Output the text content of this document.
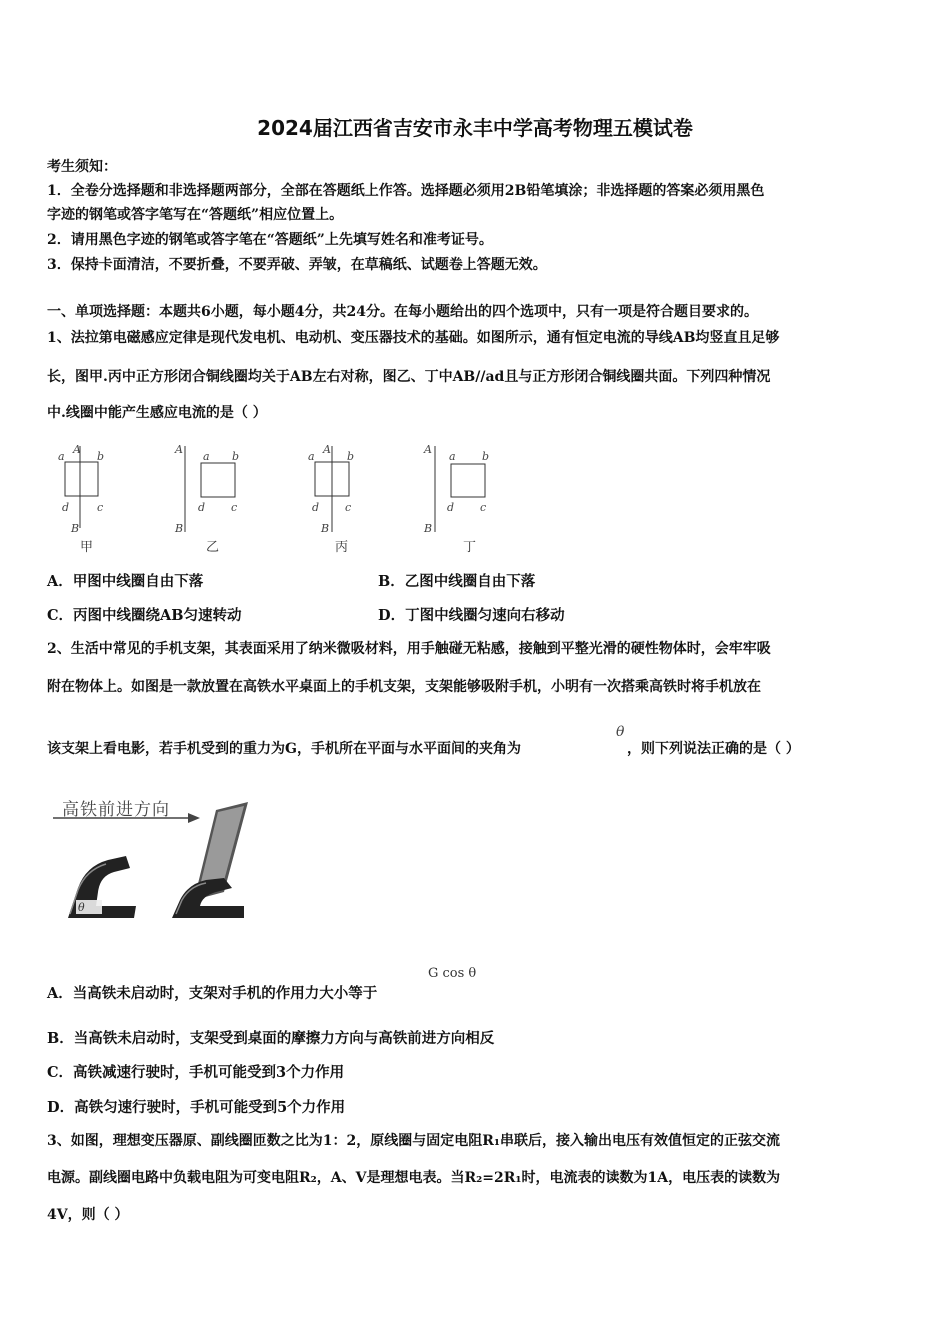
2024届江西省吉安市永丰中学高考物理五模试卷
考生须知：
1．全卷分选择题和非选择题两部分，全部在答题纸上作答。选择题必须用2B铅笔填涂；非选择题的答案必须用黑色
字迹的钢笔或答字笔写在“答题纸”相应位置上。
2．请用黑色字迹的钢笔或答字笔在“答题纸”上先填写姓名和准考证号。
3．保持卡面清洁，不要折叠，不要弄破、弄皱，在草稿纸、试题卷上答题无效。
一、单项选择题：本题共6小题，每小题4分，共24分。在每小题给出的四个选项中，只有一项是符合题目要求的。
1、法拉第电磁感应定律是现代发电机、电动机、变压器技术的基础。如图所示，通有恒定电流的导线AB均竖直且足够
长，图甲.丙中正方形闭合铜线圈均关于AB左右对称，图乙、丁中AB//ad且与正方形闭合铜线圈共面。下列四种情况
中.线圈中能产生感应电流的是（ ）
A
a	b
d	c
B
A
a b
d c
B
A
a	b
d c
B
A
a b
d c
B
甲	乙	丙	丁
A．甲图中线圈自由下落	B．乙图中线圈自由下落
C．丙图中线圈绕AB匀速转动	D．丁图中线圈匀速向右移动
2、生活中常见的手机支架，其表面采用了纳米微吸材料，用手触碰无粘感，接触到平整光滑的硬性物体时，会牢牢吸
附在物体上。如图是一款放置在高铁水平桌面上的手机支架，支架能够吸附手机，小明有一次搭乘高铁时将手机放在
该支架上看电影，若手机受到的重力为G，手机所在平面与水平面间的夹角为
θ
，则下列说法正确的是（ ）
高铁前进方向
θ
A．当高铁未启动时，支架对手机的作用力大小等于
G cos θ
B．当高铁未启动时，支架受到桌面的摩擦力方向与高铁前进方向相反
C．高铁减速行驶时，手机可能受到3个力作用
D．高铁匀速行驶时，手机可能受到5个力作用
3、如图，理想变压器原、副线圈匝数之比为1：2，原线圈与固定电阻R₁串联后，接入输出电压有效值恒定的正弦交流
电源。副线圈电路中负载电阻为可变电阻R₂，A、V是理想电表。当R₂=2R₁时，电流表的读数为1A，电压表的读数为
4V，则（ ）
